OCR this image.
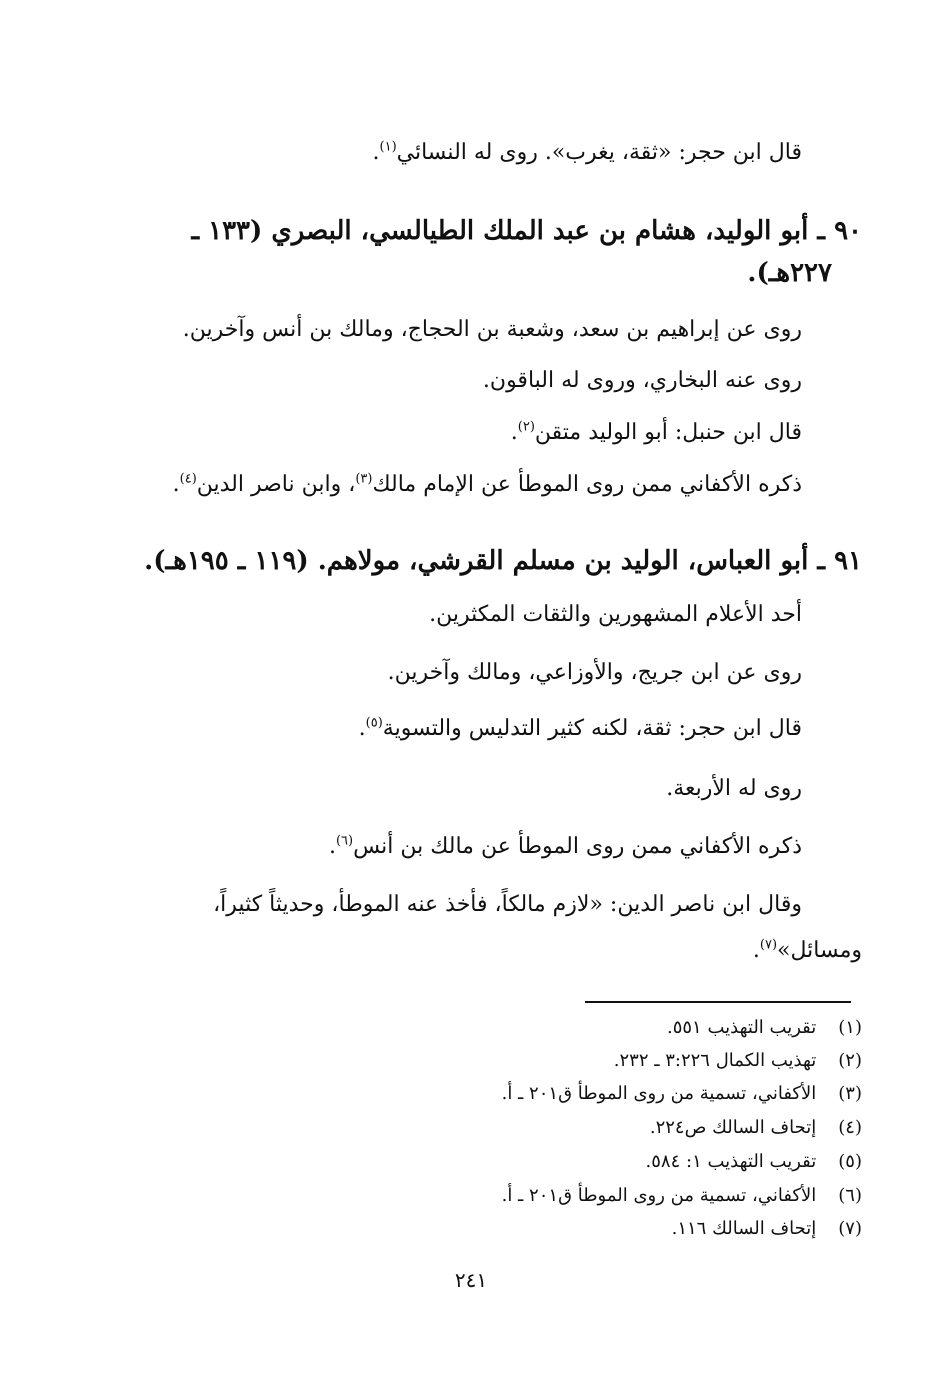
قال ابن حجر: «ثقة، يغرب». روى له النسائي$^{(١)}$.
٩٠ ـ أبو الوليد، هشام بن عبد الملك الطيالسي، البصري (١٣٣ ـ
٢٢٧هـ).
روى عن إبراهيم بن سعد، وشعبة بن الحجاج، ومالك بن أنس وآخرين.
روى عنه البخاري، وروى له الباقون.
قال ابن حنبل: أبو الوليد متقن$^{(٢)}$.
ذكره الأكفاني ممن روى الموطأ عن الإمام مالك$^{(٣)}$، وابن ناصر الدين$^{(٤)}$.
٩١ ـ أبو العباس، الوليد بن مسلم القرشي، مولاهم. (١١٩ ـ ١٩٥هـ).
أحد الأعلام المشهورين والثقات المكثرين.
روى عن ابن جريج، والأوزاعي، ومالك وآخرين.
قال ابن حجر: ثقة، لكنه كثير التدليس والتسوية$^{(٥)}$.
روى له الأربعة.
ذكره الأكفاني ممن روى الموطأ عن مالك بن أنس$^{(٦)}$.
وقال ابن ناصر الدين: «لازم مالكاً، فأخذ عنه الموطأ، وحديثاً كثيراً،
ومسائل»$^{(٧)}$.
(١) تقريب التهذيب ٥٥١.
(٢) تهذيب الكمال ٣:٢٢٦ ـ ٢٣٢.
(٣) الأكفاني، تسمية من روى الموطأ ق٢٠١ ـ أ.
(٤) إتحاف السالك ص٢٢٤.
(٥) تقريب التهذيب ١: ٥٨٤.
(٦) الأكفاني، تسمية من روى الموطأ ق٢٠١ ـ أ.
(٧) إتحاف السالك ١١٦.
٢٤١
